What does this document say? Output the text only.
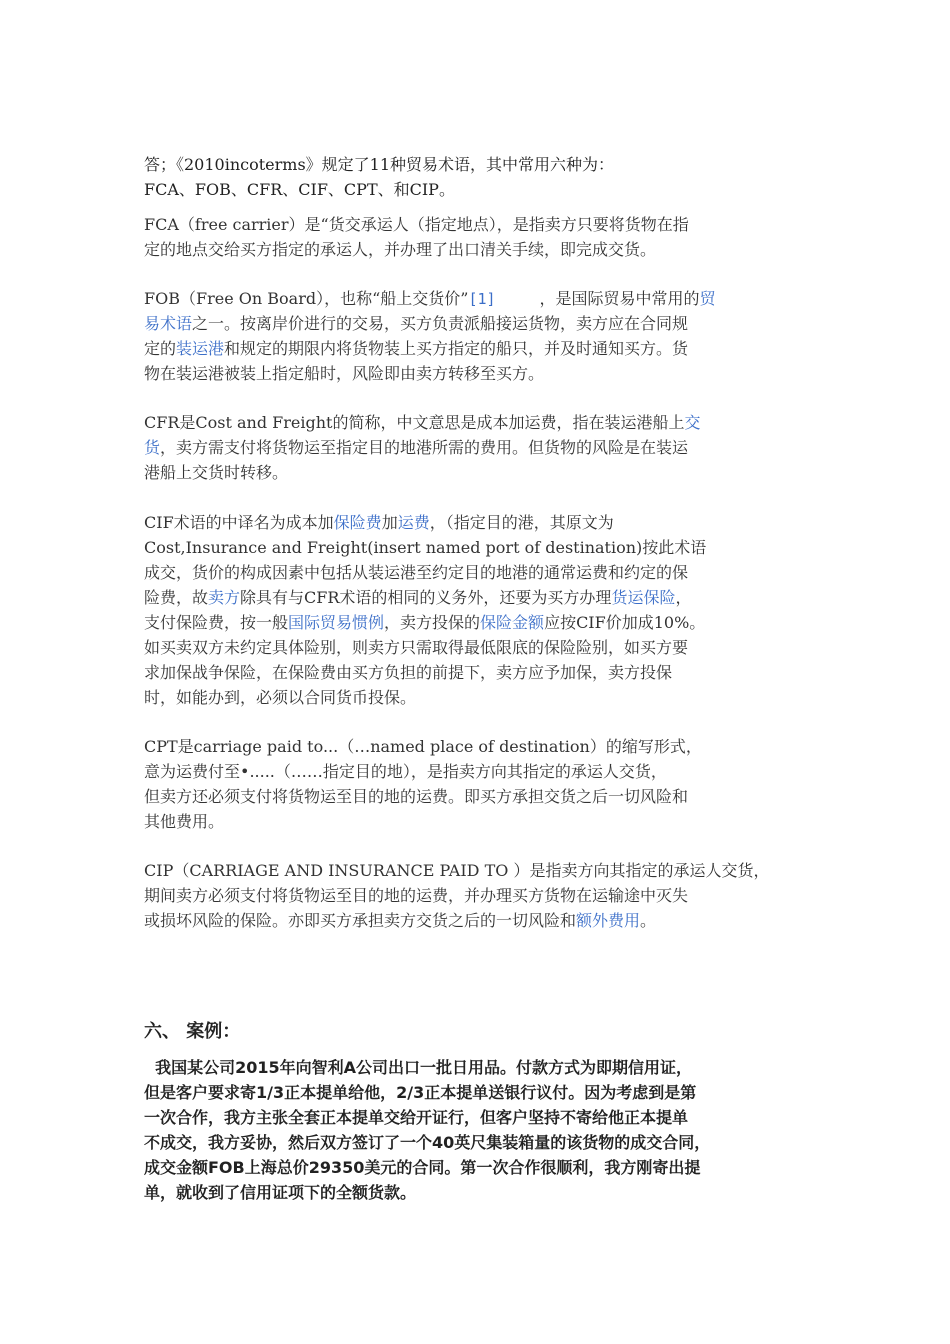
答；《2010incoterms》规定了11种贸易术语，其中常用六种为：
FCA、FOB、CFR、CIF、CPT、和CIP。
FCA（free carrier）是“货交承运人（指定地点），是指卖方只要将货物在指
定的地点交给买方指定的承运人，并办理了出口清关手续，即完成交货。
FOB（Free On Board），也称“船上交货价”[1]	，是国际贸易中常用的贸
易术语之一。按离岸价进行的交易，买方负责派船接运货物，卖方应在合同规
定的装运港和规定的期限内将货物装上买方指定的船只，并及时通知买方。货
物在装运港被装上指定船时，风险即由卖方转移至买方。
CFR是Cost and Freight的简称，中文意思是成本加运费，指在装运港船上交
货，卖方需支付将货物运至指定目的地港所需的费用。但货物的风险是在装运
港船上交货时转移。
CIF术语的中译名为成本加保险费加运费，（指定目的港，其原文为
Cost,Insurance and Freight(insert named port of destination)按此术语
成交，货价的构成因素中包括从装运港至约定目的地港的通常运费和约定的保
险费，故卖方除具有与CFR术语的相同的义务外，还要为买方办理货运保险，
支付保险费，按一般国际贸易惯例，卖方投保的保险金额应按CIF价加成10%。
如买卖双方未约定具体险别，则卖方只需取得最低限底的保险险别，如买方要
求加保战争保险，在保险费由买方负担的前提下，卖方应予加保，卖方投保
时，如能办到，必须以合同货币投保。
CPT是carriage paid to...（…named place of destination）的缩写形式，
意为运费付至•.....（……指定目的地），是指卖方向其指定的承运人交货，
但卖方还必须支付将货物运至目的地的运费。即买方承担交货之后一切风险和
其他费用。
CIP（CARRIAGE AND INSURANCE PAID TO ）是指卖方向其指定的承运人交货，
期间卖方必须支付将货物运至目的地的运费，并办理买方货物在运输途中灭失
或损坏风险的保险。亦即买方承担卖方交货之后的一切风险和额外费用。
六、 案例：
我国某公司2015年向智利A公司出口一批日用品。付款方式为即期信用证，
但是客户要求寄1/3正本提单给他，2/3正本提单送银行议付。因为考虑到是第
一次合作，我方主张全套正本提单交给开证行，但客户坚持不寄给他正本提单
不成交，我方妥协，然后双方签订了一个40英尺集装箱量的该货物的成交合同，
成交金额FOB上海总价29350美元的合同。第一次合作很顺利，我方刚寄出提
单，就收到了信用证项下的全额货款。
